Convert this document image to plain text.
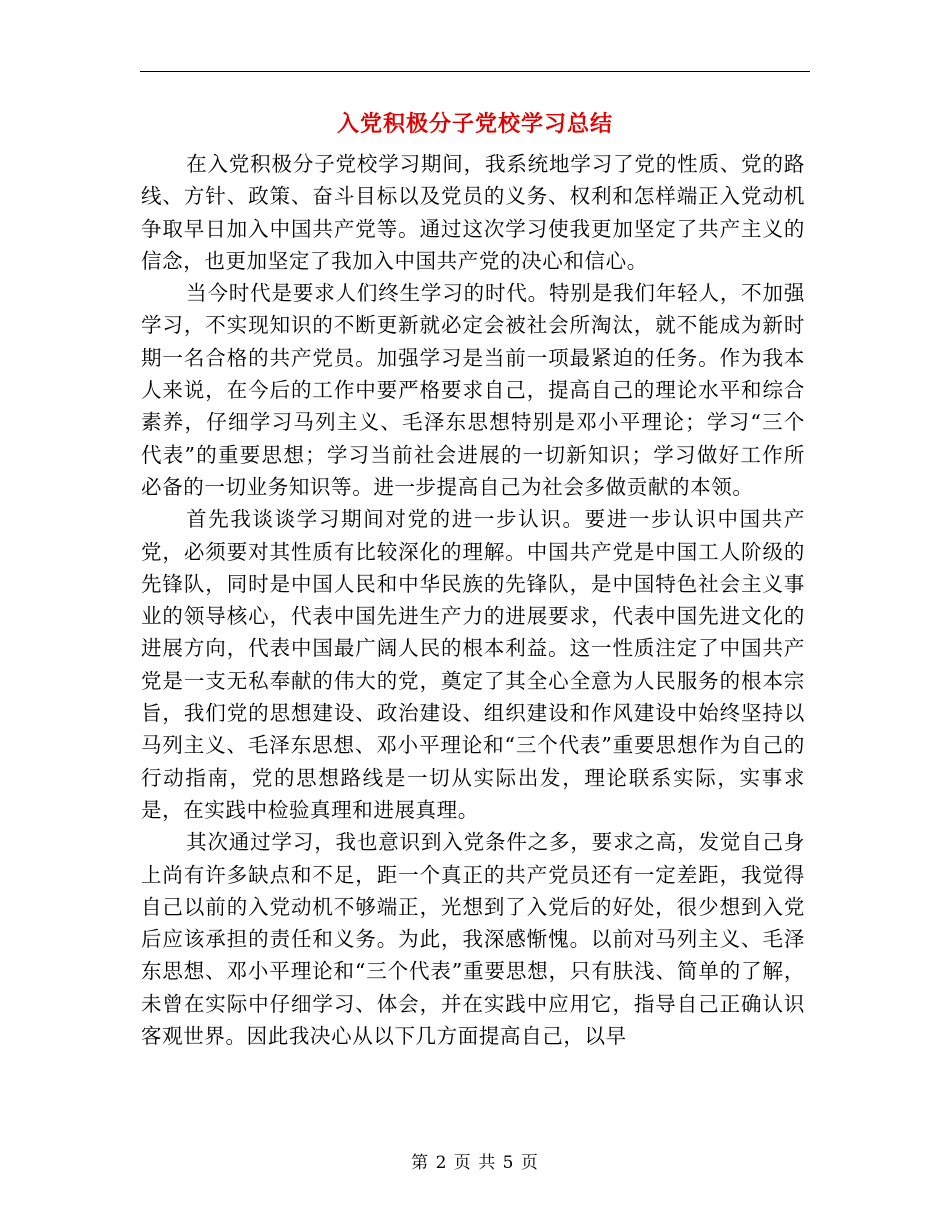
入党积极分子党校学习总结

在入党积极分子党校学习期间，我系统地学习了党的性质、党的路线、方针、政策、奋斗目标以及党员的义务、权利和怎样端正入党动机争取早日加入中国共产党等。通过这次学习使我更加坚定了共产主义的信念，也更加坚定了我加入中国共产党的决心和信心。

当今时代是要求人们终生学习的时代。特别是我们年轻人，不加强学习，不实现知识的不断更新就必定会被社会所淘汰，就不能成为新时期一名合格的共产党员。加强学习是当前一项最紧迫的任务。作为我本人来说，在今后的工作中要严格要求自己，提高自己的理论水平和综合素养，仔细学习马列主义、毛泽东思想特别是邓小平理论；学习“三个代表”的重要思想；学习当前社会进展的一切新知识；学习做好工作所必备的一切业务知识等。进一步提高自己为社会多做贡献的本领。

首先我谈谈学习期间对党的进一步认识。要进一步认识中国共产党，必须要对其性质有比较深化的理解。中国共产党是中国工人阶级的先锋队，同时是中国人民和中华民族的先锋队，是中国特色社会主义事业的领导核心，代表中国先进生产力的进展要求，代表中国先进文化的进展方向，代表中国最广阔人民的根本利益。这一性质注定了中国共产党是一支无私奉献的伟大的党，奠定了其全心全意为人民服务的根本宗旨，我们党的思想建设、政治建设、组织建设和作风建设中始终坚持以马列主义、毛泽东思想、邓小平理论和“三个代表”重要思想作为自己的行动指南，党的思想路线是一切从实际出发，理论联系实际，实事求是，在实践中检验真理和进展真理。

其次通过学习，我也意识到入党条件之多，要求之高，发觉自己身上尚有许多缺点和不足，距一个真正的共产党员还有一定差距，我觉得自己以前的入党动机不够端正，光想到了入党后的好处，很少想到入党后应该承担的责任和义务。为此，我深感惭愧。以前对马列主义、毛泽东思想、邓小平理论和“三个代表”重要思想，只有肤浅、简单的了解，未曾在实际中仔细学习、体会，并在实践中应用它，指导自己正确认识客观世界。因此我决心从以下几方面提高自己，以早

第 2 页 共 5 页
